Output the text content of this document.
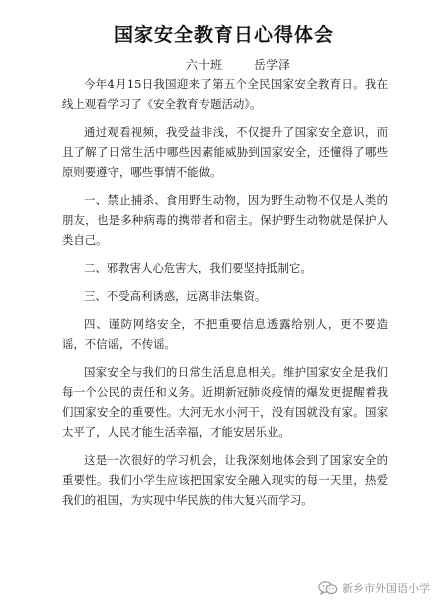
国家安全教育日心得体会
六十班	岳学泽

今年4月15日我国迎来了第五个全民国家安全教育日。我在线上观看学习了《安全教育专题活动》。

通过观看视频，我受益非浅，不仅提升了国家安全意识，而且了解了日常生活中哪些因素能威胁到国家安全，还懂得了哪些原则要遵守，哪些事情不能做。

一、禁止捕杀、食用野生动物，因为野生动物不仅是人类的朋友，也是多种病毒的携带者和宿主。保护野生动物就是保护人类自己。

二、邪教害人心危害大，我们要坚持抵制它。

三、不受高利诱惑，远离非法集资。

四、谨防网络安全，不把重要信息透露给别人，更不要造谣，不信谣，不传谣。

国家安全与我们的日常生活息息相关。维护国家安全是我们每一个公民的责任和义务。近期新冠肺炎疫情的爆发更提醒着我们国家安全的重要性。大河无水小河干，没有国就没有家。国家太平了，人民才能生活幸福，才能安居乐业。

这是一次很好的学习机会，让我深刻地体会到了国家安全的重要性。我们小学生应该把国家安全融入现实的每一天里，热爱我们的祖国，为实现中华民族的伟大复兴而学习。

新乡市外国语小学
